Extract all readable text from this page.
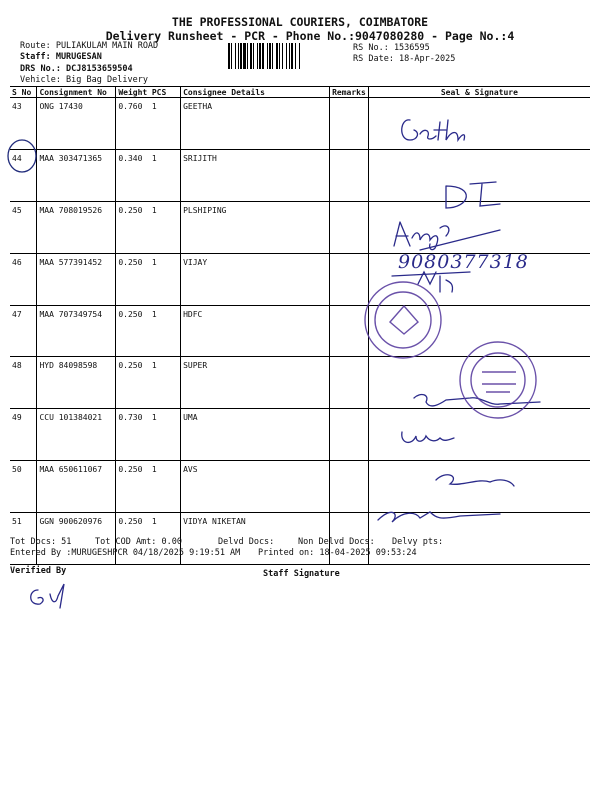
THE PROFESSIONAL COURIERS, COIMBATORE
Delivery Runsheet - PCR - Phone No.:9047080280 - Page No.:4
Route: PULIAKULAM MAIN ROAD
Staff: MURUGESAN
DRS No.: DCJ8153659504
Vehicle: Big Bag Delivery
RS No.: 1536595
RS Date: 18-Apr-2025
S No	Consignment No	Weight	PCS	Consignee Details	Remarks	Seal & Signature
43	ONG 17430	0.760	1	GEETHA		
44	MAA 303471365	0.340	1	SRIJITH		
45	MAA 708019526	0.250	1	PLSHIPING		
46	MAA 577391452	0.250	1	VIJAY		
47	MAA 707349754	0.250	1	HDFC		
48	HYD 84098598	0.250	1	SUPER		
49	CCU 101384021	0.730	1	UMA		
50	MAA 650611067	0.250	1	AVS		
51	GGN 900620976	0.250	1	VIDYA NIKETAN		
Tot Docs: 51	Tot COD Amt: 0.00	Delvd Docs:	Non Delvd Docs: Delvy pts:
Entered By :MURUGESHPCR 04/18/2025 9:19:51 AM Printed on: 18-04-2025 09:53:24
Verified By	Staff Signature
9080377318
